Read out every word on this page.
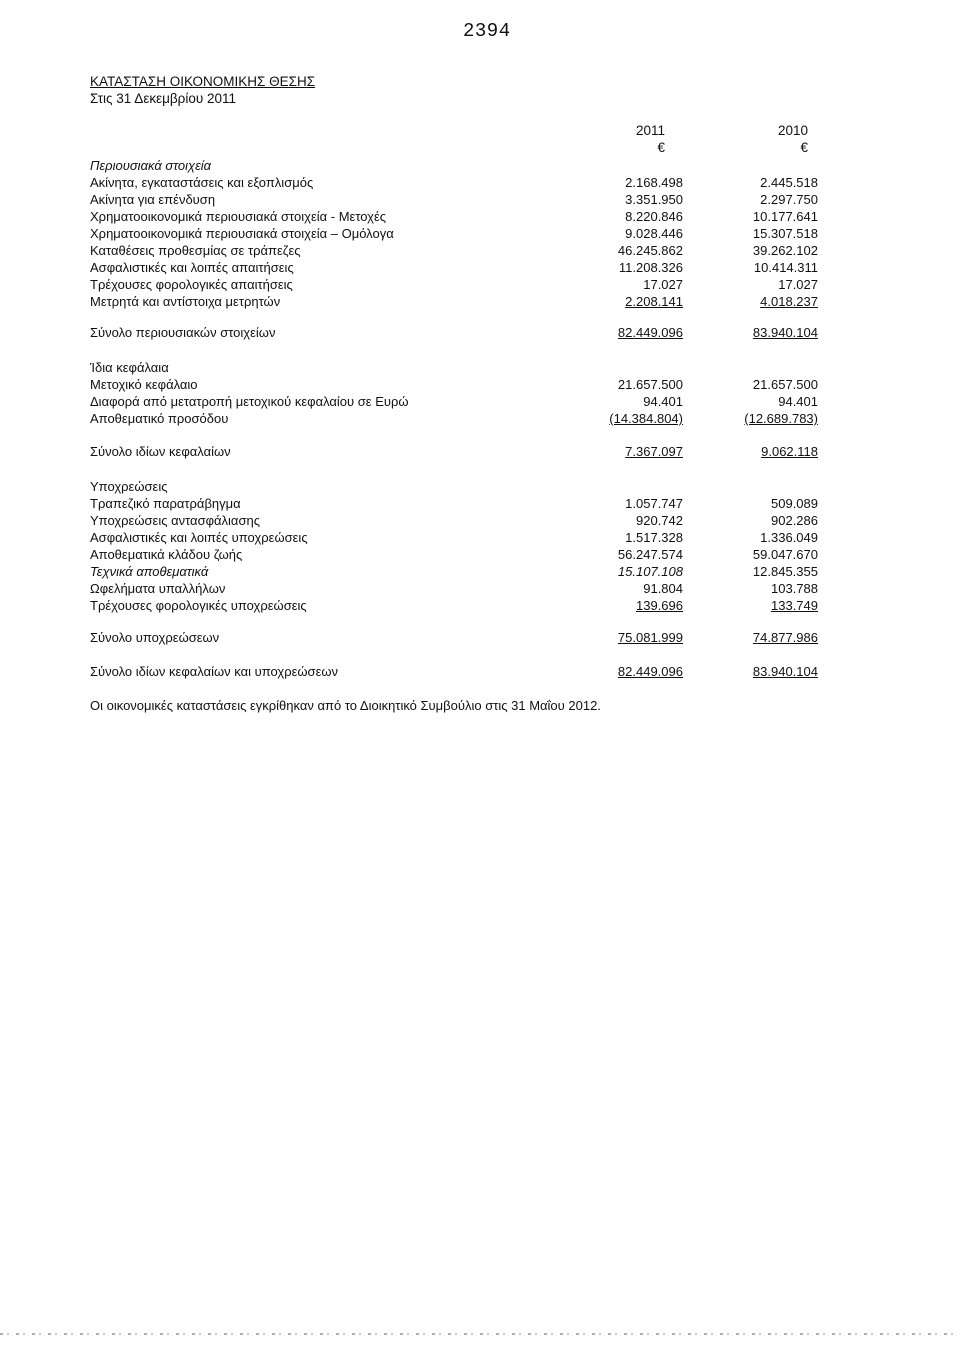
2394
ΚΑΤΑΣΤΑΣΗ ΟΙΚΟΝΟΜΙΚΗΣ ΘΕΣΗΣ
Στις 31 Δεκεμβρίου 2011
2011
€
2010
€
Περιουσιακά στοιχεία
Ακίνητα, εγκαταστάσεις και εξοπλισμός	2.168.498	2.445.518
Ακίνητα για επένδυση	3.351.950	2.297.750
Χρηματοοικονομικά περιουσιακά στοιχεία - Μετοχές	8.220.846	10.177.641
Χρηματοοικονομικά περιουσιακά στοιχεία – Ομόλογα	9.028.446	15.307.518
Καταθέσεις προθεσμίας σε τράπεζες	46.245.862	39.262.102
Ασφαλιστικές και λοιπές απαιτήσεις	11.208.326	10.414.311
Τρέχουσες φορολογικές απαιτήσεις	17.027	17.027
Μετρητά και αντίστοιχα μετρητών	2.208.141	4.018.237
Σύνολο περιουσιακών στοιχείων	82.449.096	83.940.104
Ίδια κεφάλαια
Μετοχικό κεφάλαιο	21.657.500	21.657.500
Διαφορά από μετατροπή μετοχικού κεφαλαίου σε Ευρώ	94.401	94.401
Αποθεματικό προσόδου	(14.384.804)	(12.689.783)
Σύνολο ιδίων κεφαλαίων	7.367.097	9.062.118
Υποχρεώσεις
Τραπεζικό παρατράβηγμα	1.057.747	509.089
Υποχρεώσεις αντασφάλιασης	920.742	902.286
Ασφαλιστικές και λοιπές υποχρεώσεις	1.517.328	1.336.049
Αποθεματικά κλάδου ζωής	56.247.574	59.047.670
Τεχνικά αποθεματικά	15.107.108	12.845.355
Ωφελήματα υπαλλήλων	91.804	103.788
Τρέχουσες φορολογικές υποχρεώσεις	139.696	133.749
Σύνολο υποχρεώσεων	75.081.999	74.877.986
Σύνολο ιδίων κεφαλαίων και υποχρεώσεων	82.449.096	83.940.104
Οι οικονομικές καταστάσεις εγκρίθηκαν από το Διοικητικό Συμβούλιο στις 31 Μαΐου 2012.
